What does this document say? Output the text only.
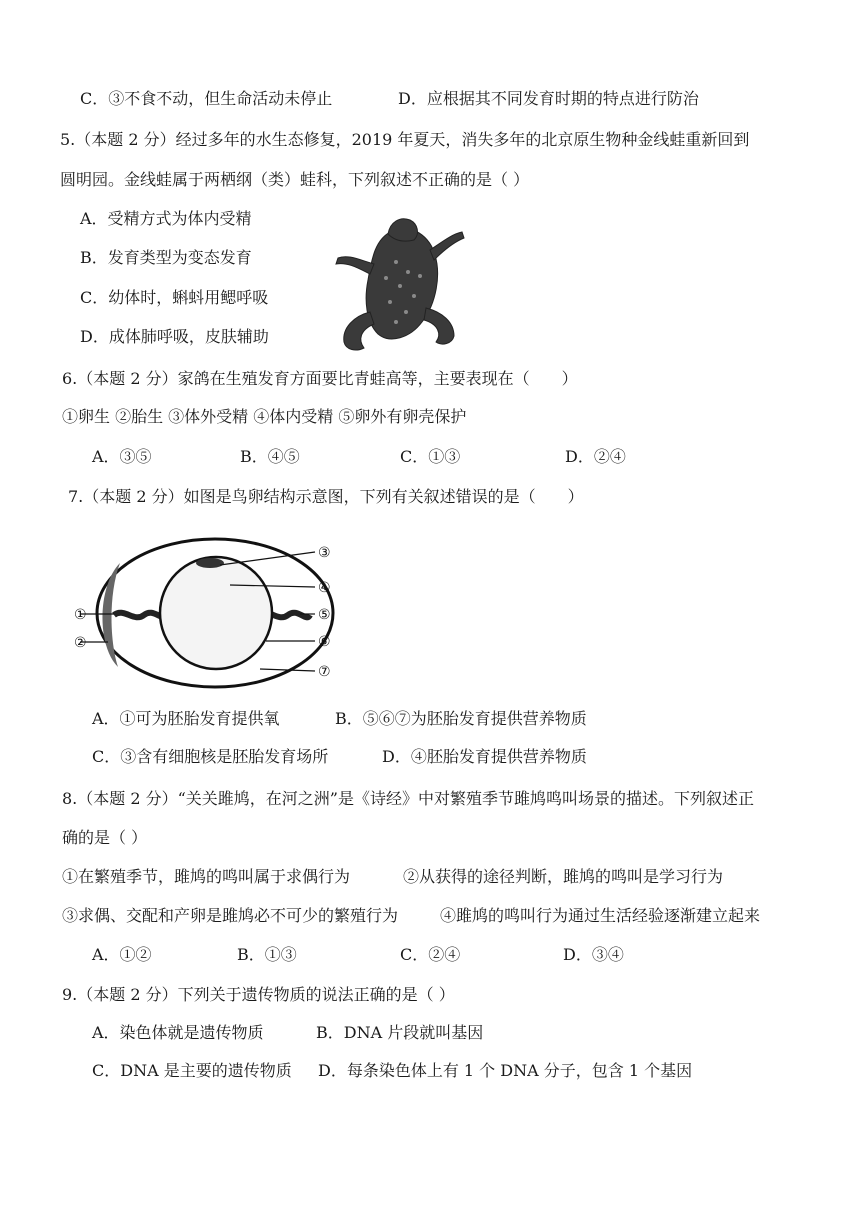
C．③不食不动，但生命活动未停止	D．应根据其不同发育时期的特点进行防治
5.（本题 2 分）经过多年的水生态修复，2019 年夏天，消失多年的北京原生物种金线蛙重新回到
圆明园。金线蛙属于两栖纲（类）蛙科，下列叙述不正确的是（ ）
A．受精方式为体内受精
B．发育类型为变态发育
C．幼体时，蝌蚪用鳃呼吸
D．成体肺呼吸，皮肤辅助
6.（本题 2 分）家鸽在生殖发育方面要比青蛙高等，主要表现在（　　）
①卵生 ②胎生 ③体外受精 ④体内受精 ⑤卵外有卵壳保护
A．③⑤	B．④⑤	C．①③	D．②④
7.（本题 2 分）如图是鸟卵结构示意图，下列有关叙述错误的是（　　）
①
②
③
④
⑤
⑥
⑦
A．①可为胚胎发育提供氧	B．⑤⑥⑦为胚胎发育提供营养物质
C．③含有细胞核是胚胎发育场所	D．④胚胎发育提供营养物质
8.（本题 2 分）“关关雎鸠，在河之洲”是《诗经》中对繁殖季节雎鸠鸣叫场景的描述。下列叙述正
确的是（ ）
①在繁殖季节，雎鸠的鸣叫属于求偶行为	②从获得的途径判断，雎鸠的鸣叫是学习行为
③求偶、交配和产卵是雎鸠必不可少的繁殖行为	④雎鸠的鸣叫行为通过生活经验逐渐建立起来
A．①②	B．①③	C．②④	D．③④
9.（本题 2 分）下列关于遗传物质的说法正确的是（ ）
A．染色体就是遗传物质	B．DNA 片段就叫基因
C．DNA 是主要的遗传物质 D．每条染色体上有 1 个 DNA 分子，包含 1 个基因
